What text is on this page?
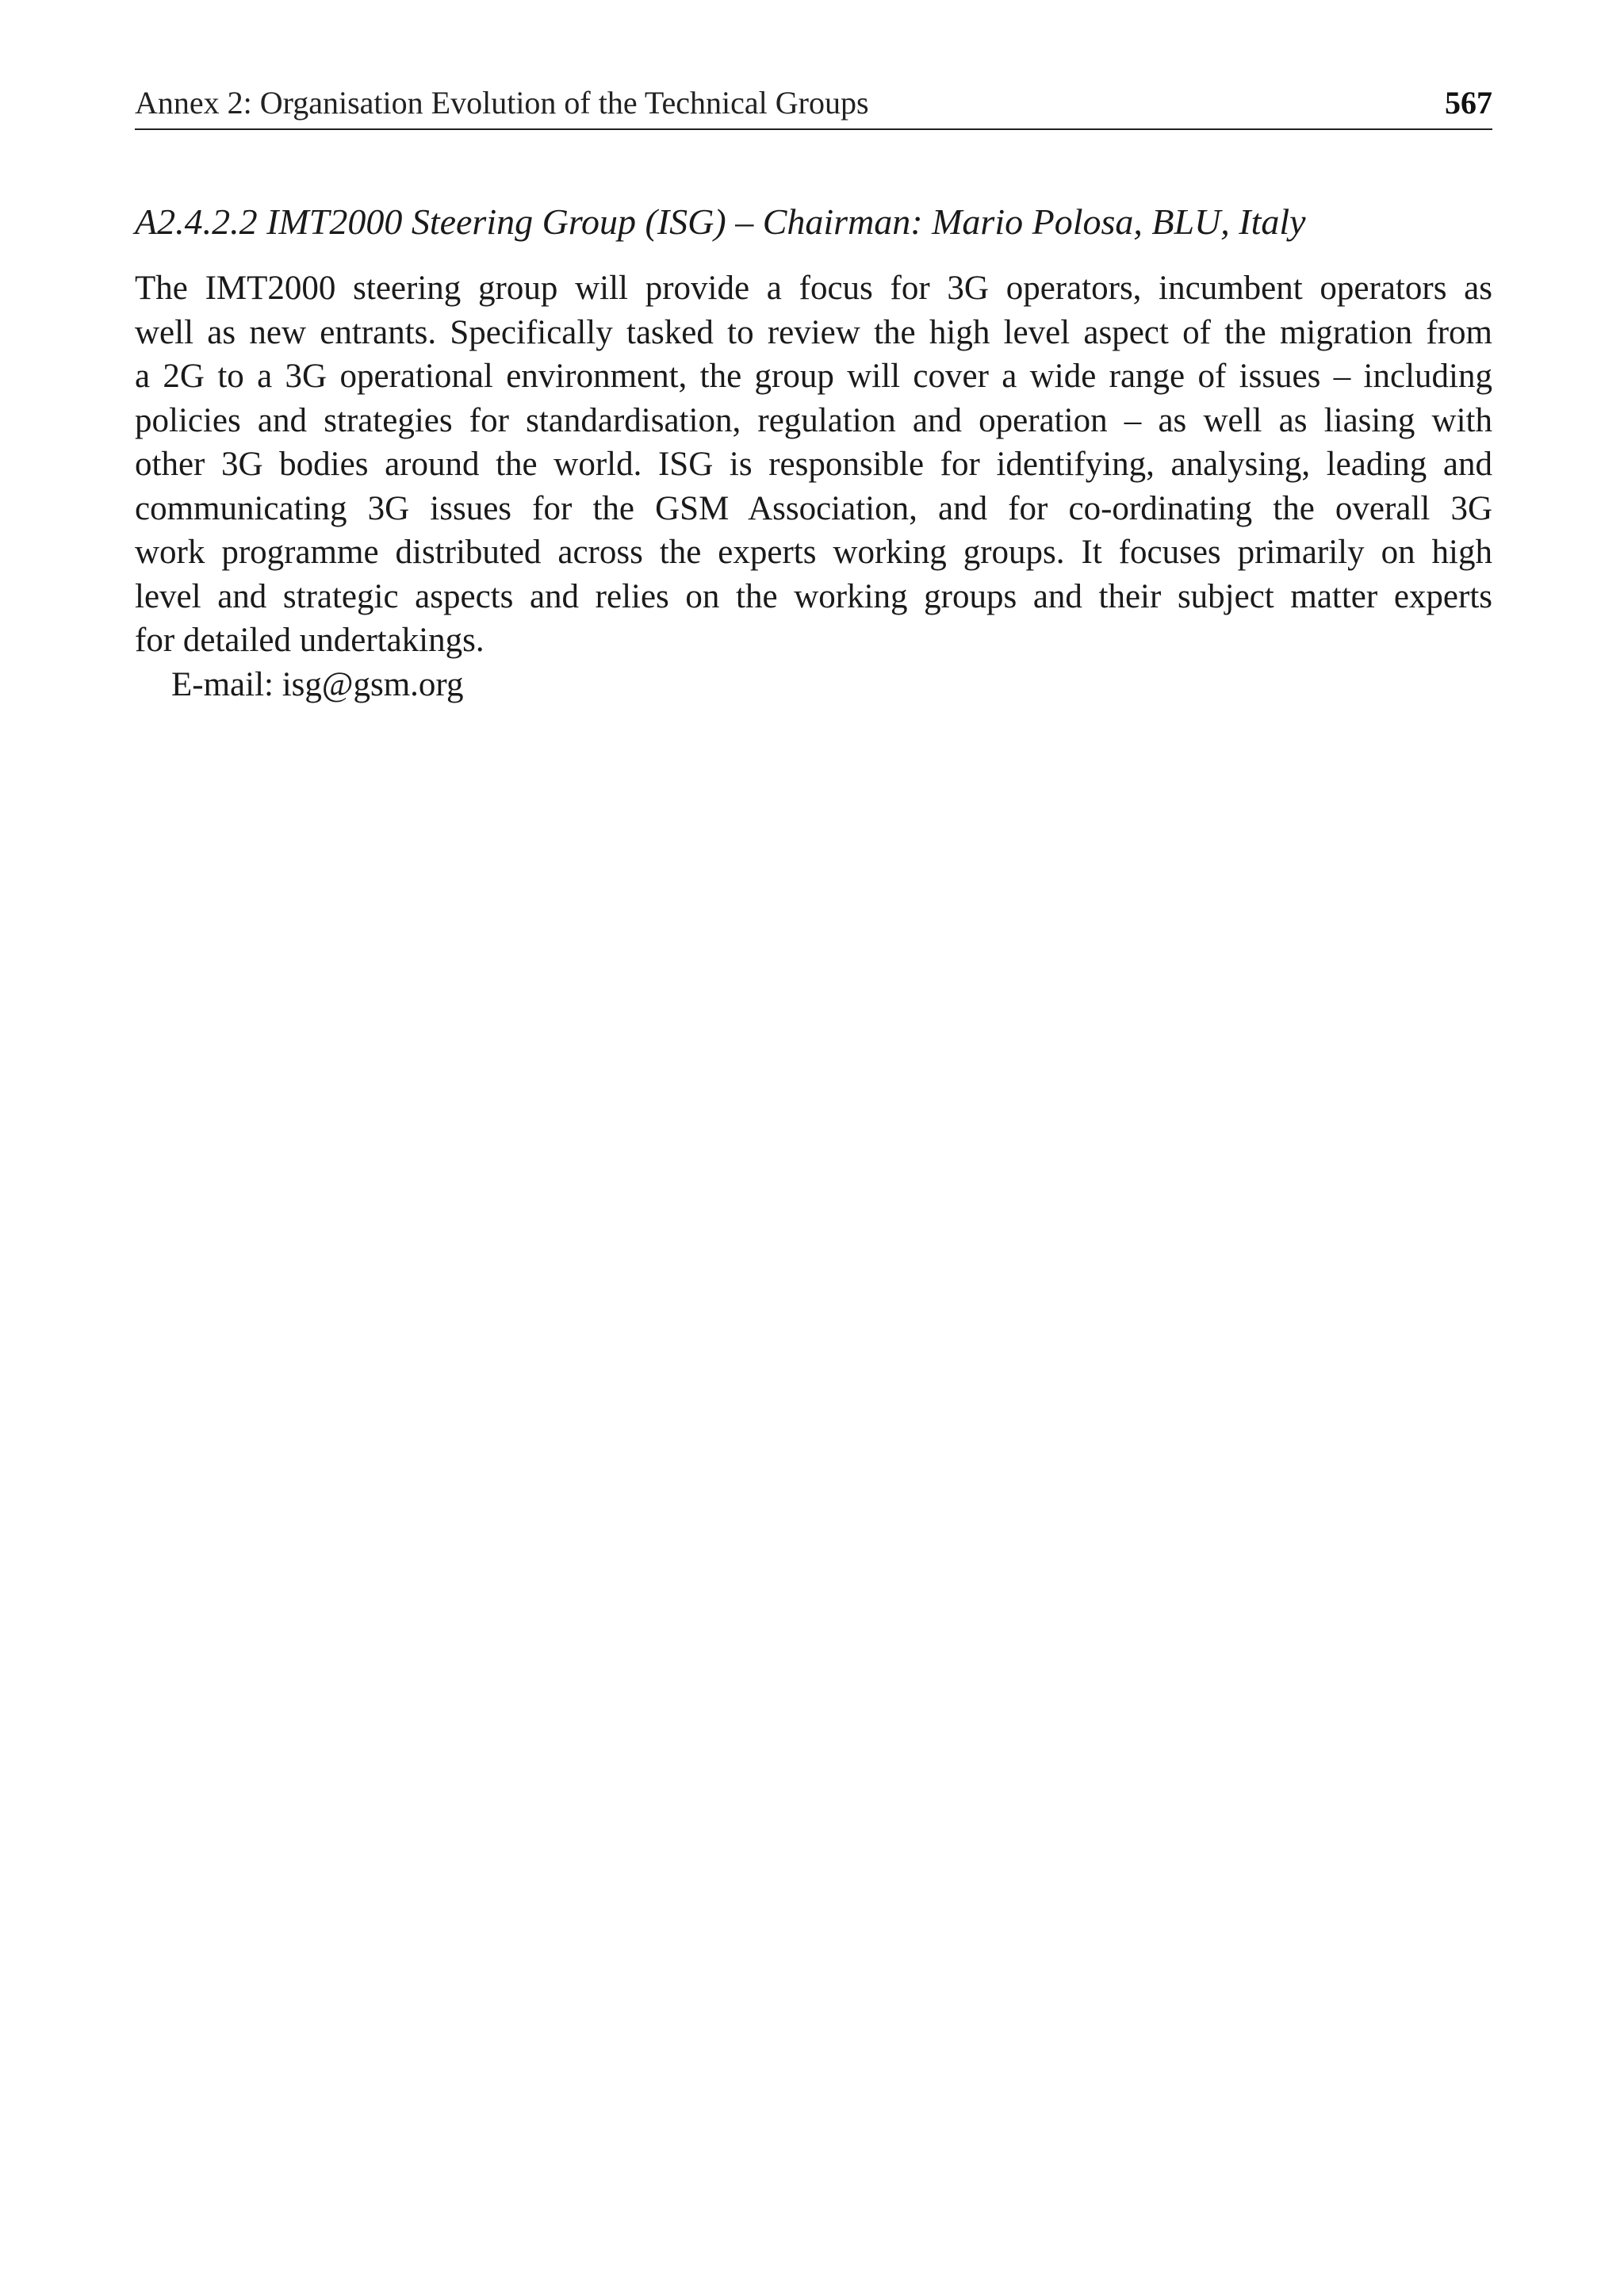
Annex 2: Organisation Evolution of the Technical Groups	567
A2.4.2.2 IMT2000 Steering Group (ISG) – Chairman: Mario Polosa, BLU, Italy
The IMT2000 steering group will provide a focus for 3G operators, incumbent operators as
well as new entrants. Specifically tasked to review the high level aspect of the migration from
a 2G to a 3G operational environment, the group will cover a wide range of issues – including
policies and strategies for standardisation, regulation and operation – as well as liasing with
other 3G bodies around the world. ISG is responsible for identifying, analysing, leading and
communicating 3G issues for the GSM Association, and for co-ordinating the overall 3G
work programme distributed across the experts working groups. It focuses primarily on high
level and strategic aspects and relies on the working groups and their subject matter experts
for detailed undertakings.
E-mail: isg@gsm.org
